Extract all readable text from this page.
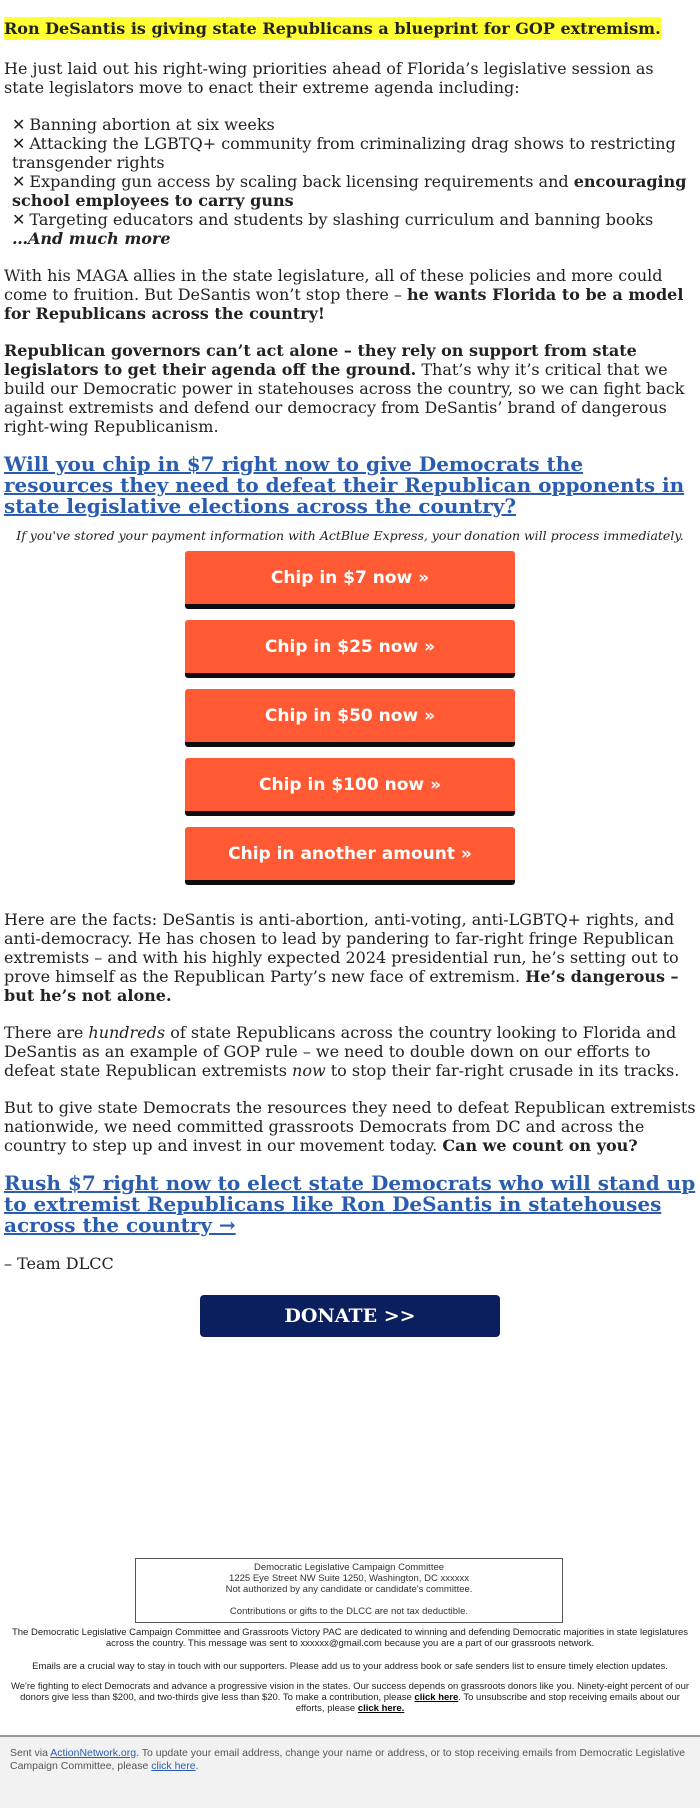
Ron DeSantis is giving state Republicans a blueprint for GOP extremism.

He just laid out his right-wing priorities ahead of Florida’s legislative session as state legislators move to enact their extreme agenda including:

✕ Banning abortion at six weeks
✕ Attacking the LGBTQ+ community from criminalizing drag shows to restricting transgender rights
✕ Expanding gun access by scaling back licensing requirements and encouraging school employees to carry guns
✕ Targeting educators and students by slashing curriculum and banning books
…And much more

With his MAGA allies in the state legislature, all of these policies and more could come to fruition. But DeSantis won’t stop there – he wants Florida to be a model for Republicans across the country!

Republican governors can’t act alone – they rely on support from state legislators to get their agenda off the ground. That’s why it’s critical that we build our Democratic power in statehouses across the country, so we can fight back against extremists and defend our democracy from DeSantis’ brand of dangerous right-wing Republicanism.

Will you chip in $7 right now to give Democrats the resources they need to defeat their Republican opponents in state legislative elections across the country?
If you've stored your payment information with ActBlue Express, your donation will process immediately.
Chip in $7 now »
Chip in $25 now »
Chip in $50 now »
Chip in $100 now »
Chip in another amount »

Here are the facts: DeSantis is anti-abortion, anti-voting, anti-LGBTQ+ rights, and anti-democracy. He has chosen to lead by pandering to far-right fringe Republican extremists – and with his highly expected 2024 presidential run, he’s setting out to prove himself as the Republican Party’s new face of extremism. He’s dangerous – but he’s not alone.

There are hundreds of state Republicans across the country looking to Florida and DeSantis as an example of GOP rule – we need to double down on our efforts to defeat state Republican extremists now to stop their far-right crusade in its tracks.

But to give state Democrats the resources they need to defeat Republican extremists nationwide, we need committed grassroots Democrats from DC and across the country to step up and invest in our movement today. Can we count on you?

Rush $7 right now to elect state Democrats who will stand up to extremist Republicans like Ron DeSantis in statehouses across the country →

– Team DLCC

DONATE >>
Democratic Legislative Campaign Committee
1225 Eye Street NW Suite 1250, Washington, DC xxxxxx
Not authorized by any candidate or candidate's committee.
Contributions or gifts to the DLCC are not tax deductible.
The Democratic Legislative Campaign Committee and Grassroots Victory PAC are dedicated to winning and defending Democratic majorities in state legislatures across the country. This message was sent to xxxxxx@gmail.com because you are a part of our grassroots network.
Emails are a crucial way to stay in touch with our supporters. Please add us to your address book or safe senders list to ensure timely election updates.
We're fighting to elect Democrats and advance a progressive vision in the states. Our success depends on grassroots donors like you. Ninety-eight percent of our donors give less than $200, and two-thirds give less than $20. To make a contribution, please click here. To unsubscribe and stop receiving emails about our efforts, please click here.
Sent via ActionNetwork.org. To update your email address, change your name or address, or to stop receiving emails from Democratic Legislative Campaign Committee, please click here.
